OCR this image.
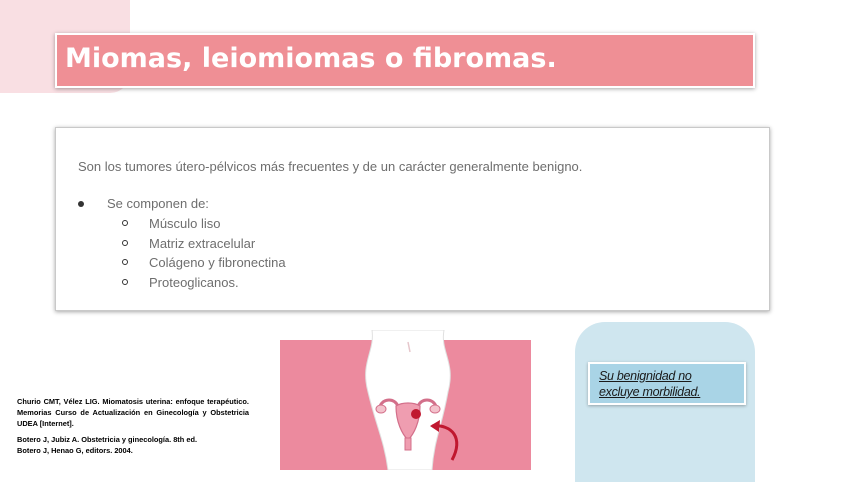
Miomas, leiomiomas o fibromas.
Son los tumores útero-pélvicos más frecuentes y de un carácter generalmente benigno.
Se componen de:
Músculo liso
Matriz extracelular
Colágeno y fibronectina
Proteoglicanos.
Churio CMT, Vélez LIG. Miomatosis uterina: enfoque terapéutico. Memorias Curso de Actualización en Ginecología y Obstetricia UDEA [Internet].
Botero J, Jubiz A. Obstetricia y ginecología. 8th ed.
Botero J, Henao G, editors. 2004.
Su benignidad no excluye morbilidad.
